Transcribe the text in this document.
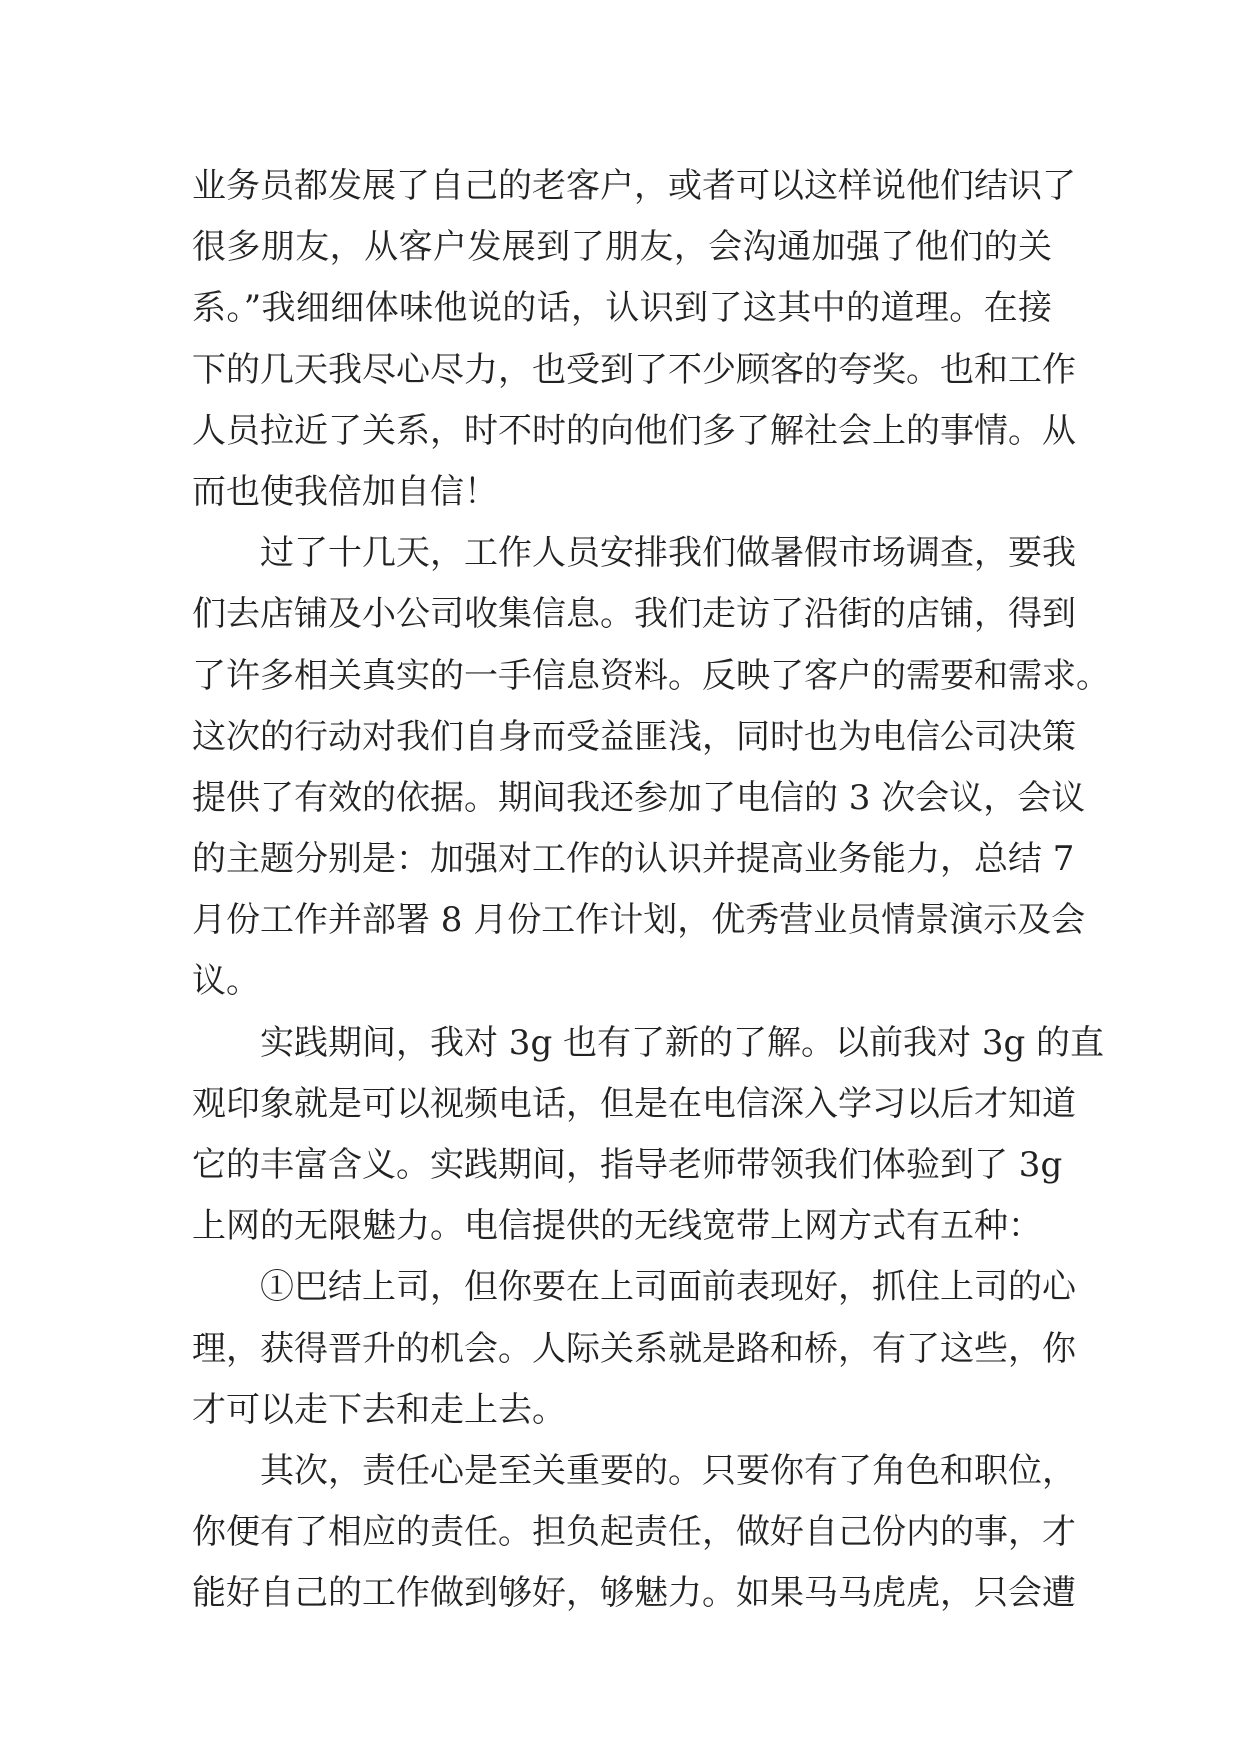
业务员都发展了自己的老客户，或者可以这样说他们结识了
很多朋友，从客户发展到了朋友，会沟通加强了他们的关
系。”我细细体味他说的话，认识到了这其中的道理。在接
下的几天我尽心尽力，也受到了不少顾客的夸奖。也和工作
人员拉近了关系，时不时的向他们多了解社会上的事情。从
而也使我倍加自信！
过了十几天，工作人员安排我们做暑假市场调查，要我
们去店铺及小公司收集信息。我们走访了沿街的店铺，得到
了许多相关真实的一手信息资料。反映了客户的需要和需求。
这次的行动对我们自身而受益匪浅，同时也为电信公司决策
提供了有效的依据。期间我还参加了电信的 3 次会议，会议
的主题分别是：加强对工作的认识并提高业务能力，总结 7
月份工作并部署 8 月份工作计划，优秀营业员情景演示及会
议。
实践期间，我对 3g 也有了新的了解。以前我对 3g 的直
观印象就是可以视频电话，但是在电信深入学习以后才知道
它的丰富含义。实践期间，指导老师带领我们体验到了 3g
上网的无限魅力。电信提供的无线宽带上网方式有五种：
①巴结上司，但你要在上司面前表现好，抓住上司的心
理，获得晋升的机会。人际关系就是路和桥，有了这些，你
才可以走下去和走上去。
其次，责任心是至关重要的。只要你有了角色和职位，
你便有了相应的责任。担负起责任，做好自己份内的事，才
能好自己的工作做到够好，够魅力。如果马马虎虎，只会遭
